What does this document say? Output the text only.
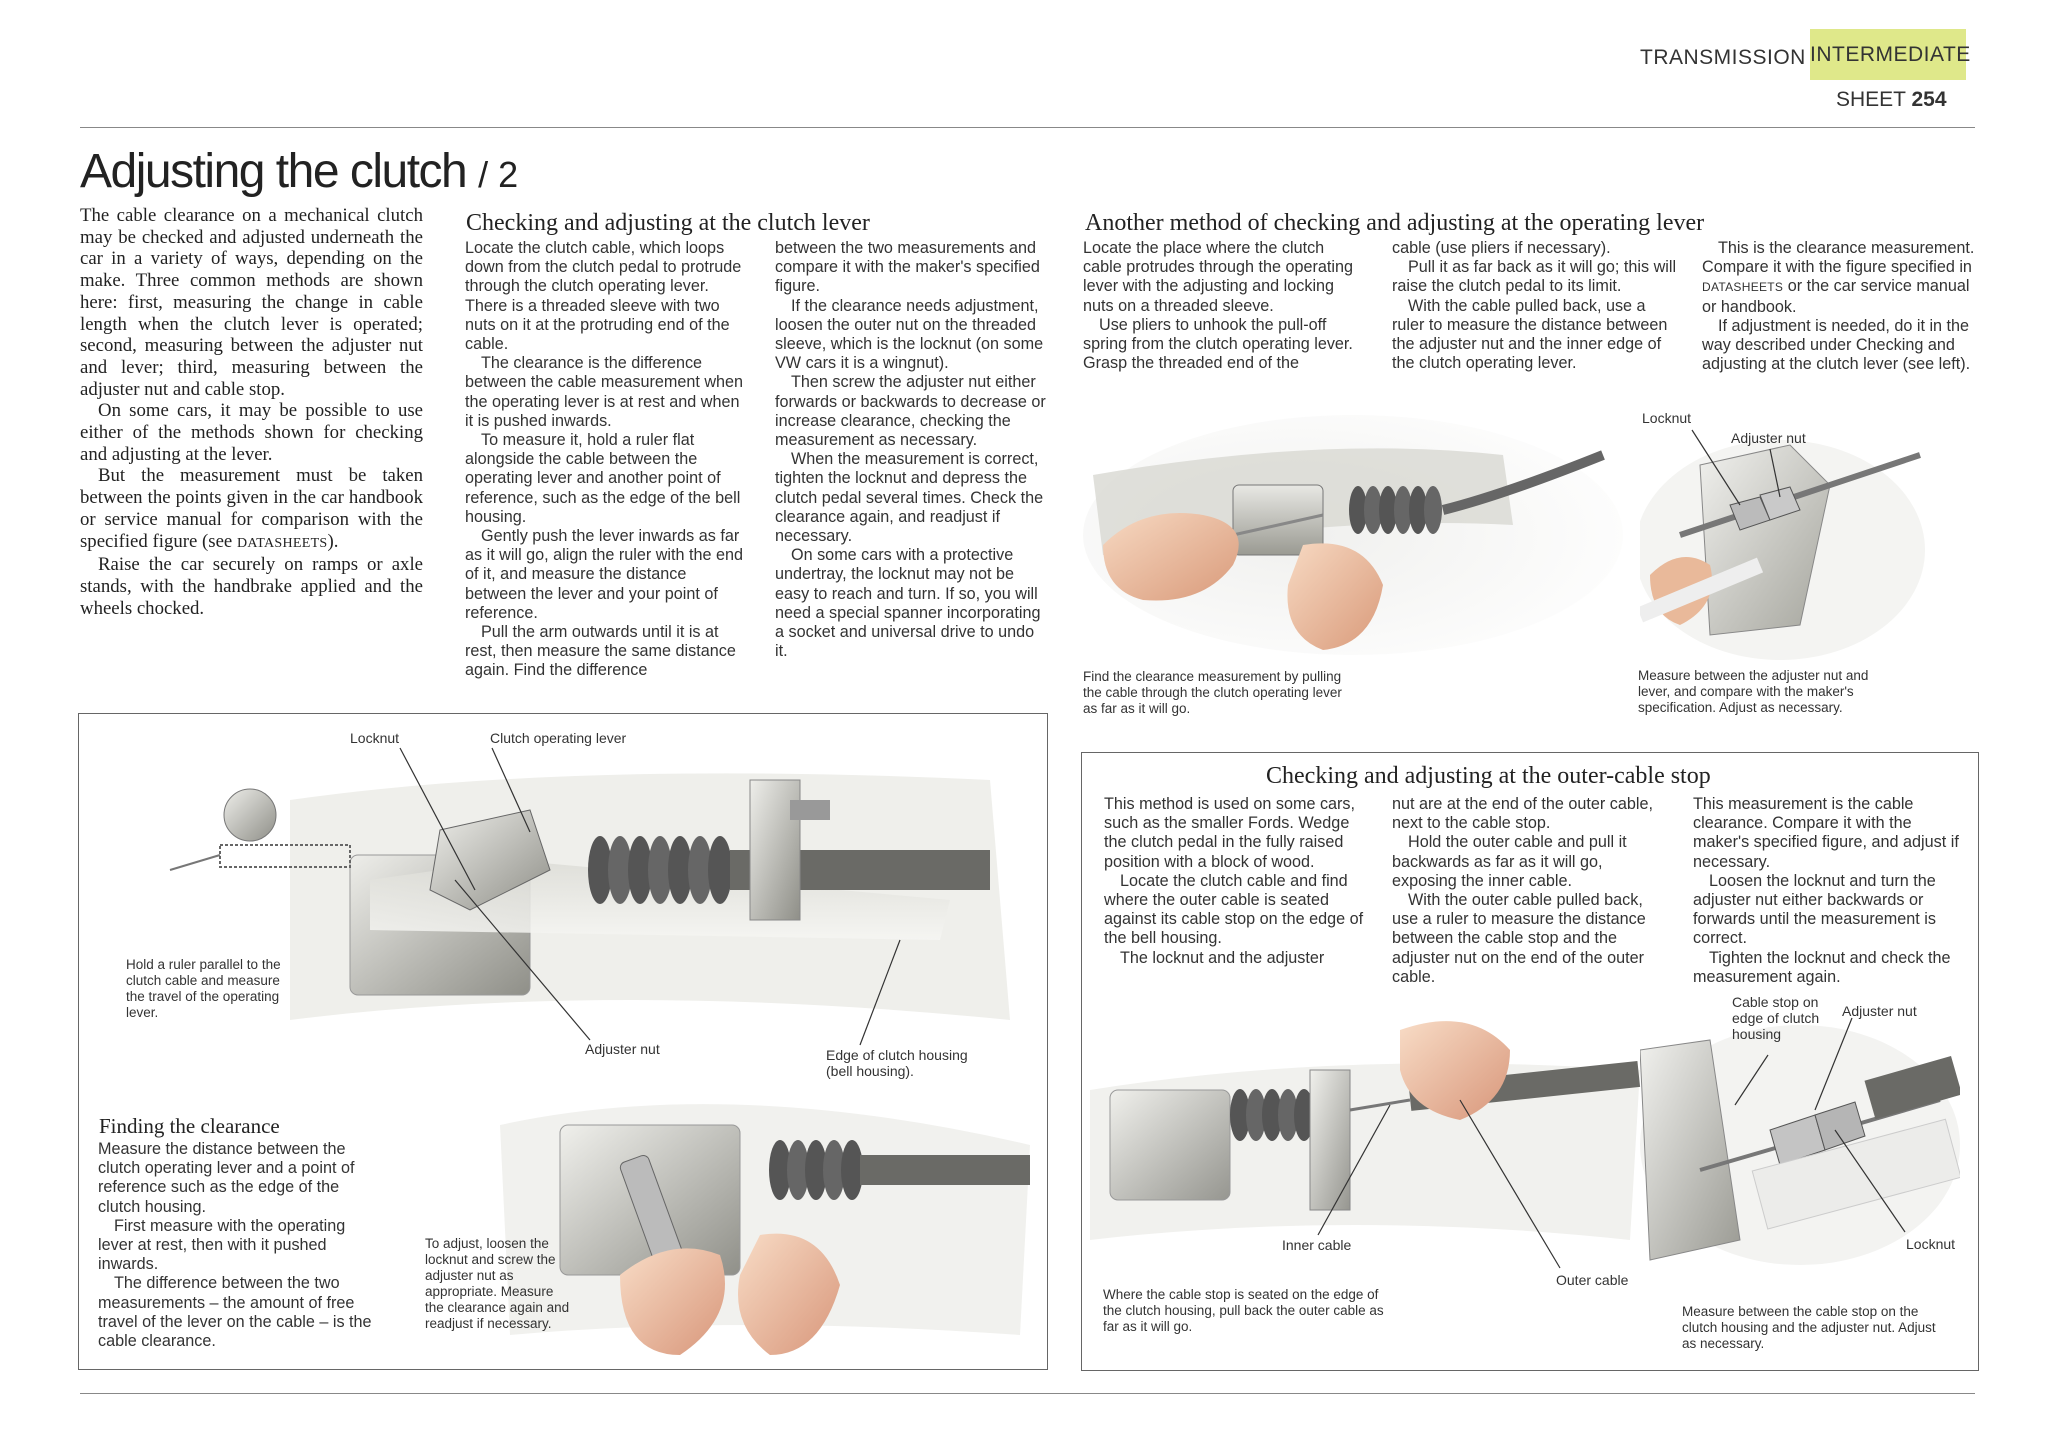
TRANSMISSION INTERMEDIATE
SHEET 254
Adjusting the clutch / 2

The cable clearance on a mechanical clutch may be checked and adjusted underneath the car in a variety of ways, depending on the make. Three common methods are shown here: first, measuring the change in cable length when the clutch lever is operated; second, measuring between the adjuster nut and lever; third, measuring between the adjuster nut and cable stop.

On some cars, it may be possible to use either of the methods shown for checking and adjusting at the lever.

But the measurement must be taken between the points given in the car handbook or service manual for comparison with the specified figure (see DATASHEETS).

Raise the car securely on ramps or axle stands, with the handbrake applied and the wheels chocked.

Checking and adjusting at the clutch lever

Locate the clutch cable, which loops down from the clutch pedal to protrude through the clutch operating lever. There is a threaded sleeve with two nuts on it at the protruding end of the cable.

The clearance is the difference between the cable measurement when the operating lever is at rest and when it is pushed inwards.

To measure it, hold a ruler flat alongside the cable between the operating lever and another point of reference, such as the edge of the bell housing.

Gently push the lever inwards as far as it will go, align the ruler with the end of it, and measure the distance between the lever and your point of reference.

Pull the arm outwards until it is at rest, then measure the same distance again. Find the difference

between the two measurements and compare it with the maker's specified figure.

If the clearance needs adjustment, loosen the outer nut on the threaded sleeve, which is the locknut (on some VW cars it is a wingnut).

Then screw the adjuster nut either forwards or backwards to decrease or increase clearance, checking the measurement as necessary.

When the measurement is correct, tighten the locknut and depress the clutch pedal several times. Check the clearance again, and readjust if necessary.

On some cars with a protective undertray, the locknut may not be easy to reach and turn. If so, you will need a special spanner incorporating a socket and universal drive to undo it.

Another method of checking and adjusting at the operating lever

Locate the place where the clutch cable protrudes through the operating lever with the adjusting and locking nuts on a threaded sleeve.

Use pliers to unhook the pull-off spring from the clutch operating lever. Grasp the threaded end of the

cable (use pliers if necessary).

Pull it as far back as it will go; this will raise the clutch pedal to its limit.

With the cable pulled back, use a ruler to measure the distance between the adjuster nut and the inner edge of the clutch operating lever.

This is the clearance measurement. Compare it with the figure specified in DATASHEETS or the car service manual or handbook.

If adjustment is needed, do it in the way described under Checking and adjusting at the clutch lever (see left).

Find the clearance measurement by pulling the cable through the clutch operating lever as far as it will go.
Locknut
Adjuster nut
Measure between the adjuster nut and lever, and compare with the maker's specification. Adjust as necessary.
Locknut	Clutch operating lever
Adjuster nut	Edge of clutch housing (bell housing).
Hold a ruler parallel to the clutch cable and measure the travel of the operating lever.
Finding the clearance

Measure the distance between the clutch operating lever and a point of reference such as the edge of the clutch housing.

First measure with the operating lever at rest, then with it pushed inwards.

The difference between the two measurements – the amount of free travel of the lever on the cable – is the cable clearance.

To adjust, loosen the locknut and screw the adjuster nut as appropriate. Measure the clearance again and readjust if necessary.
Checking and adjusting at the outer-cable stop

This method is used on some cars, such as the smaller Fords. Wedge the clutch pedal in the fully raised position with a block of wood.

Locate the clutch cable and find where the outer cable is seated against its cable stop on the edge of the bell housing.

The locknut and the adjuster

nut are at the end of the outer cable, next to the cable stop.

Hold the outer cable and pull it backwards as far as it will go, exposing the inner cable.

With the outer cable pulled back, use a ruler to measure the distance between the cable stop and the adjuster nut on the end of the outer cable.

This measurement is the cable clearance. Compare it with the maker's specified figure, and adjust if necessary.

Loosen the locknut and turn the adjuster nut either backwards or forwards until the measurement is correct.

Tighten the locknut and check the measurement again.

Inner cable
Outer cable
Where the cable stop is seated on the edge of the clutch housing, pull back the outer cable as far as it will go.
Cable stop on edge of clutch housing
Adjuster nut
Locknut
Measure between the cable stop on the clutch housing and the adjuster nut. Adjust as necessary.
